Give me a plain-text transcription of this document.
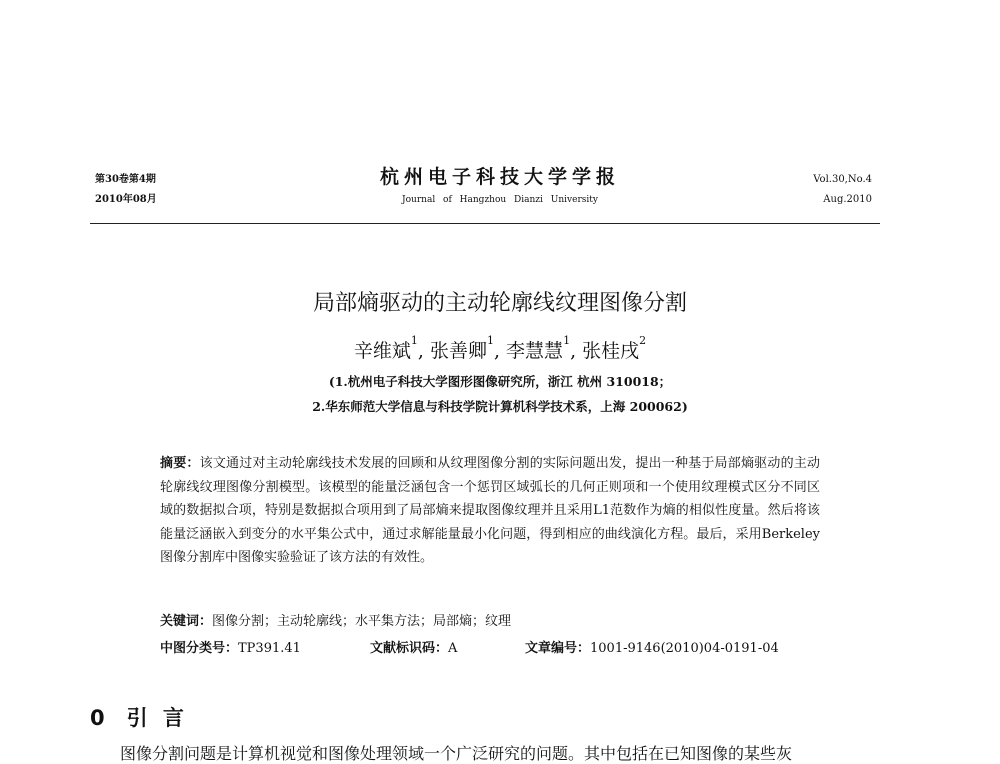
第30卷第4期
2010年08月
杭州电子科技大学学报
Journal of Hangzhou Dianzi University
Vol.30,No.4
Aug.2010
局部熵驱动的主动轮廓线纹理图像分割
辛维斌$^1$, 张善卿$^1$, 李慧慧$^1$, 张桂戌$^2$
(1.杭州电子科技大学图形图像研究所，浙江 杭州 310018；
2.华东师范大学信息与科技学院计算机科学技术系，上海 200062)

摘要：该文通过对主动轮廓线技术发展的回顾和从纹理图像分割的实际问题出发，提出一种基于局部熵驱动的主动轮廓线纹理图像分割模型。该模型的能量泛涵包含一个惩罚区域弧长的几何正则项和一个使用纹理模式区分不同区域的数据拟合项，特别是数据拟合项用到了局部熵来提取图像纹理并且采用L1范数作为熵的相似性度量。然后将该能量泛涵嵌入到变分的水平集公式中，通过求解能量最小化问题，得到相应的曲线演化方程。最后，采用Berkeley图像分割库中图像实验验证了该方法的有效性。

关键词：图像分割；主动轮廓线；水平集方法；局部熵；纹理
中图分类号：TP391.41	文献标识码：A	文章编号：1001-9146(2010)04-0191-04
0 引 言
图像分割问题是计算机视觉和图像处理领域一个广泛研究的问题。其中包括在已知图像的某些灰
